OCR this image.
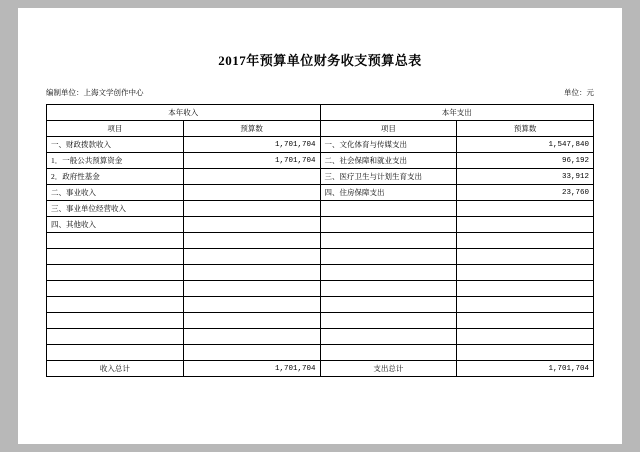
2017年预算单位财务收支预算总表
编制单位：上海文学创作中心	单位：元
本年收入		本年支出	
项目	预算数	项目	预算数
一、财政拨款收入	1,701,704	一、文化体育与传媒支出	1,547,840
1．一般公共预算资金	1,701,704	二、社会保障和就业支出	96,192
2．政府性基金		三、医疗卫生与计划生育支出	33,912
二、事业收入		四、住房保障支出	23,760
三、事业单位经营收入			
四、其他收入			

收入总计	1,701,704	支出总计	1,701,704
